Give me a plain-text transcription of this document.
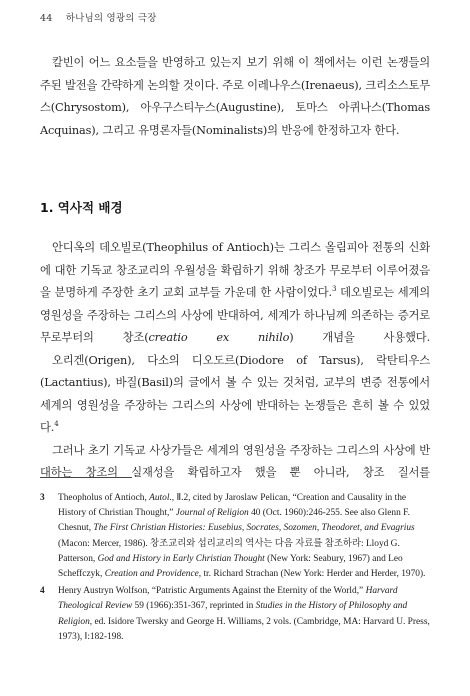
44 하나님의 영광의 극장

칼빈이 어느 요소들을 반영하고 있는지 보기 위해 이 책에서는 이런 논쟁들의 주된 발전을 간략하게 논의할 것이다. 주로 이레나우스(Irenaeus), 크리소스토무스(Chrysostom), 아우구스티누스(Augustine), 토마스 아퀴나스(Thomas Acquinas), 그리고 유명론자들(Nominalists)의 반응에 한정하고자 한다.

1. 역사적 배경

안디옥의 데오빌로(Theophilus of Antioch)는 그리스 올림피아 전통의 신화에 대한 기독교 창조교리의 우월성을 확립하기 위해 창조가 무로부터 이루어졌음을 분명하게 주장한 초기 교회 교부들 가운데 한 사람이었다.$^3$ 데오빌로는 세계의 영원성을 주장하는 그리스의 사상에 반대하여, 세계가 하나님께 의존하는 증거로 무로부터의 창조(creatio ex nihilo) 개념을 사용했다.

오리겐(Origen), 다소의 디오도르(Diodore of Tarsus), 락탄티우스(Lactantius), 바질(Basil)의 글에서 볼 수 있는 것처럼, 교부의 변증 전통에서 세계의 영원성을 주장하는 그리스의 사상에 반대하는 논쟁들은 흔히 볼 수 있었다.$^4$

그러나 초기 기독교 사상가들은 세계의 영원성을 주장하는 그리스의 사상에 반대하는 창조의 실재성을 확립하고자 했을 뿐 아니라, 창조 질서를

3 Theopholus of Antioch, Autol., Ⅱ.2, cited by Jaroslaw Pelican, “Creation and Causality in the History of Christian Thought,” Journal of Religion 40 (Oct. 1960):246-255. See also Glenn F. Chesnut, The First Christian Histories: Eusebius, Socrates, Sozomen, Theodoret, and Evagrius (Macon: Mercer, 1986). 창조교리와 섭리교리의 역사는 다음 자료를 참조하라: Lloyd G. Patterson, God and History in Early Christian Thought (New York: Seabury, 1967) and Leo Scheffczyk, Creation and Providence, tr. Richard Strachan (New York: Herder and Herder, 1970).
4 Henry Austryn Wolfson, “Patristic Arguments Against the Eternity of the World,” Harvard Theological Review 59 (1966):351-367, reprinted in Studies in the History of Philosophy and Religion, ed. Isidore Twersky and George H. Williams, 2 vols. (Cambridge, MA: Harvard U. Press, 1973), Ⅰ:182-198.
